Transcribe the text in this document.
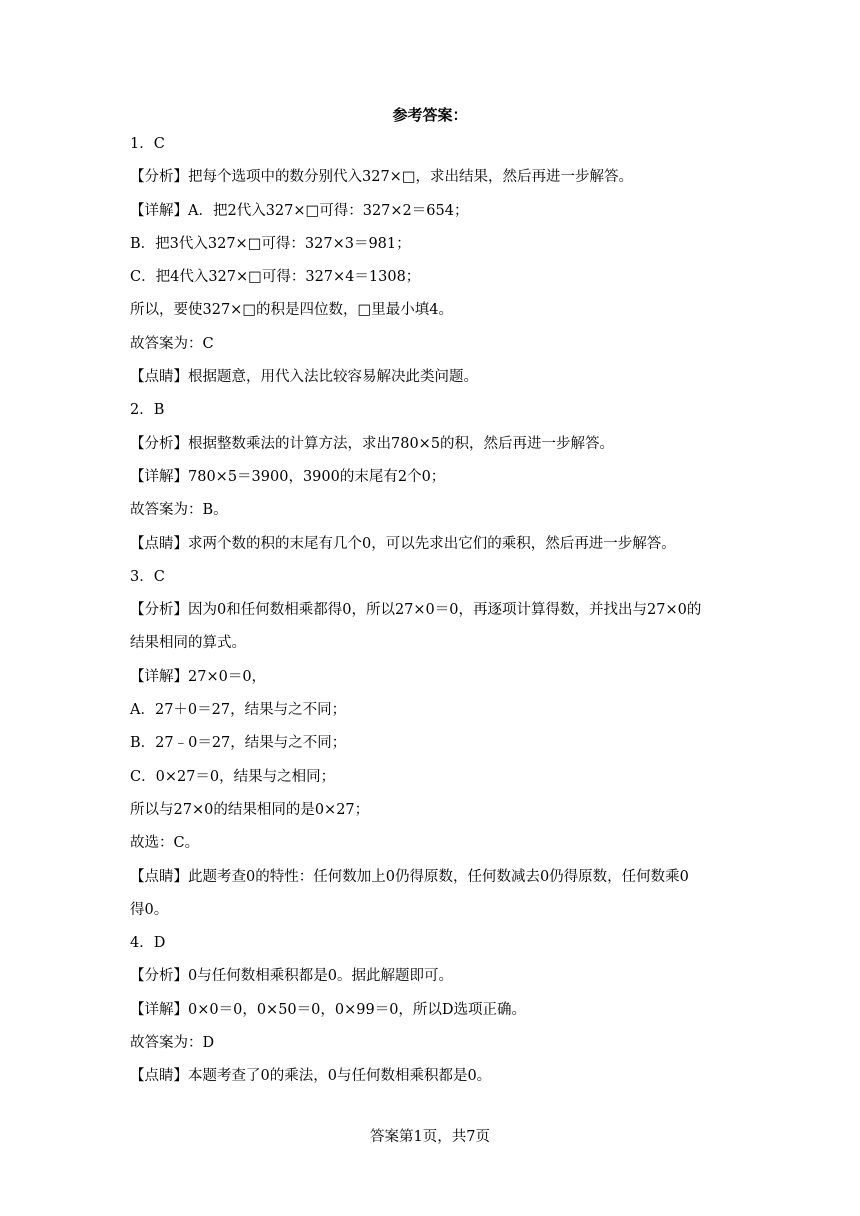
参考答案：
1．C
【分析】把每个选项中的数分别代入327×□，求出结果，然后再进一步解答。
【详解】A．把2代入327×□可得：327×2＝654；
B．把3代入327×□可得：327×3＝981；
C．把4代入327×□可得：327×4＝1308；
所以，要使327×□的积是四位数，□里最小填4。
故答案为：C
【点睛】根据题意，用代入法比较容易解决此类问题。
2．B
【分析】根据整数乘法的计算方法，求出780×5的积，然后再进一步解答。
【详解】780×5＝3900，3900的末尾有2个0；
故答案为：B。
【点睛】求两个数的积的末尾有几个0，可以先求出它们的乘积，然后再进一步解答。
3．C
【分析】因为0和任何数相乘都得0，所以27×0＝0，再逐项计算得数，并找出与27×0的
结果相同的算式。
【详解】27×0＝0，
A．27＋0＝27，结果与之不同；
B．27﹣0＝27，结果与之不同；
C．0×27＝0，结果与之相同；
所以与27×0的结果相同的是0×27；
故选：C。
【点睛】此题考查0的特性：任何数加上0仍得原数，任何数减去0仍得原数，任何数乘0
得0。
4．D
【分析】0与任何数相乘积都是0。据此解题即可。
【详解】0×0＝0，0×50＝0，0×99＝0，所以D选项正确。
故答案为：D
【点睛】本题考查了0的乘法，0与任何数相乘积都是0。
答案第1页，共7页
